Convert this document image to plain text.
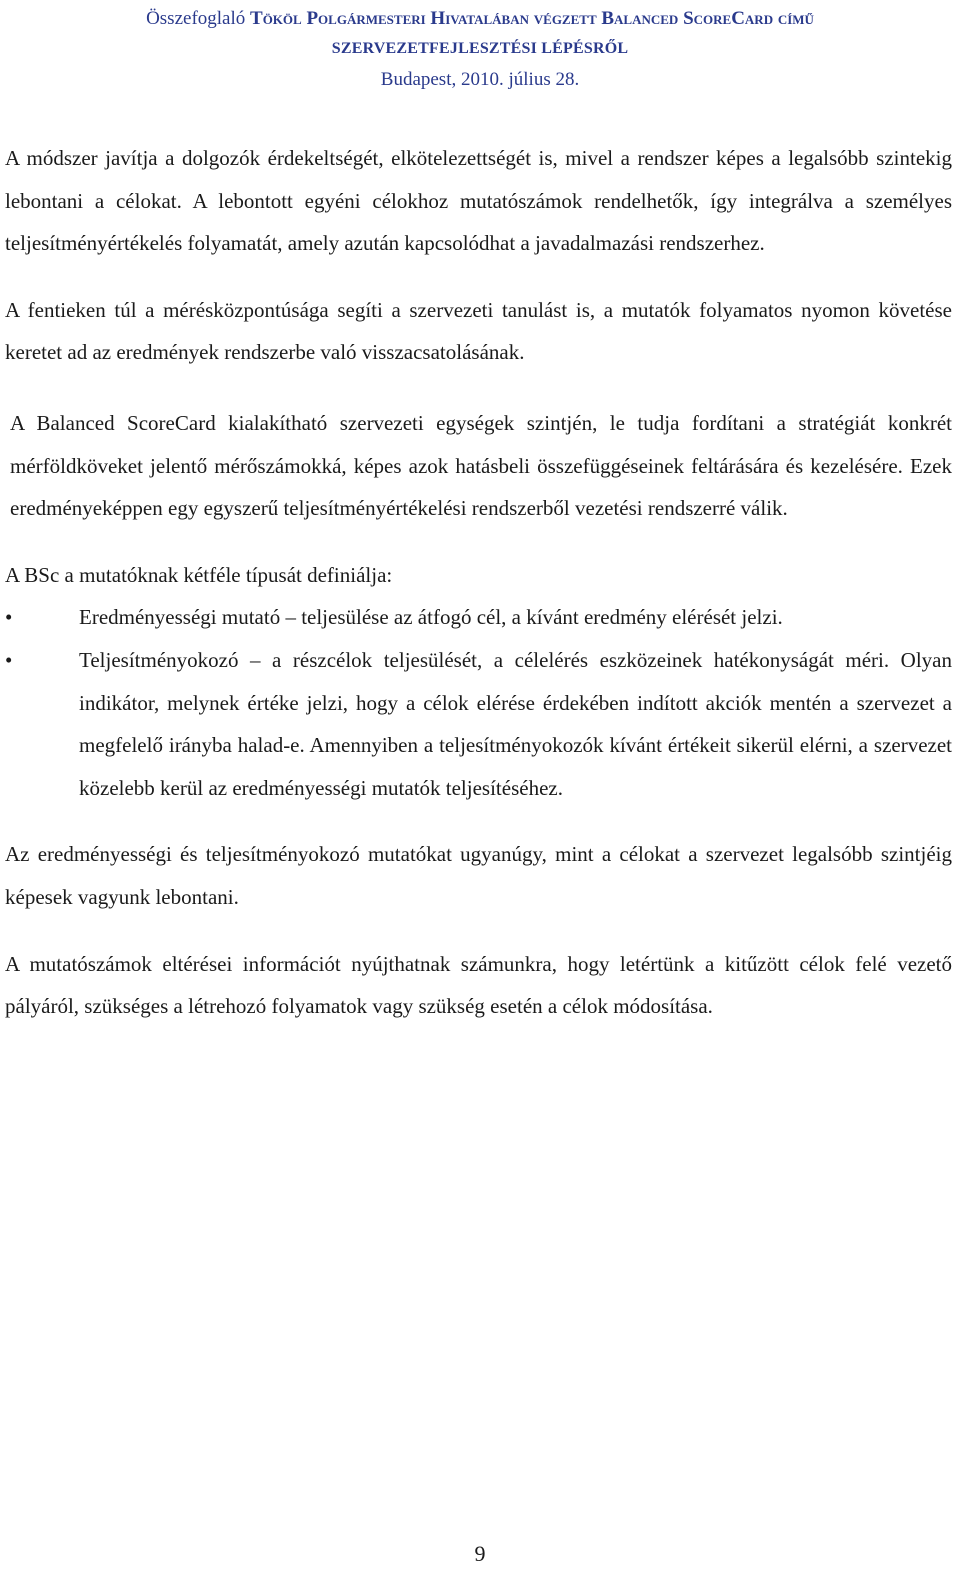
Összefoglaló Tököl Polgármesteri Hivatalában végzett Balanced ScoreCard című
SZERVEZETFEJLESZTÉSI LÉPÉSRŐL
Budapest, 2010. július 28.

A módszer javítja a dolgozók érdekeltségét, elkötelezettségét is, mivel a rendszer képes a legalsóbb szintekig lebontani a célokat. A lebontott egyéni célokhoz mutatószámok rendelhetők, így integrálva a személyes teljesítményértékelés folyamatát, amely azután kapcsolódhat a javadalmazási rendszerhez.

A fentieken túl a mérésközpontúsága segíti a szervezeti tanulást is, a mutatók folyamatos nyomon követése keretet ad az eredmények rendszerbe való visszacsatolásának.

A Balanced ScoreCard kialakítható szervezeti egységek szintjén, le tudja fordítani a stratégiát konkrét mérföldköveket jelentő mérőszámokká, képes azok hatásbeli összefüggéseinek feltárására és kezelésére. Ezek eredményeképpen egy egyszerű teljesítményértékelési rendszerből vezetési rendszerré válik.

A BSc a mutatóknak kétféle típusát definiálja:

•	Eredményességi mutató – teljesülése az átfogó cél, a kívánt eredmény elérését jelzi.
•	Teljesítményokozó – a részcélok teljesülését, a célelérés eszközeinek hatékonyságát méri. Olyan indikátor, melynek értéke jelzi, hogy a célok elérése érdekében indított akciók mentén a szervezet a megfelelő irányba halad-e. Amennyiben a teljesítményokozók kívánt értékeit sikerül elérni, a szervezet közelebb kerül az eredményességi mutatók teljesítéséhez.

Az eredményességi és teljesítményokozó mutatókat ugyanúgy, mint a célokat a szervezet legalsóbb szintjéig képesek vagyunk lebontani.

A mutatószámok eltérései információt nyújthatnak számunkra, hogy letértünk a kitűzött célok felé vezető pályáról, szükséges a létrehozó folyamatok vagy szükség esetén a célok módosítása.

9
